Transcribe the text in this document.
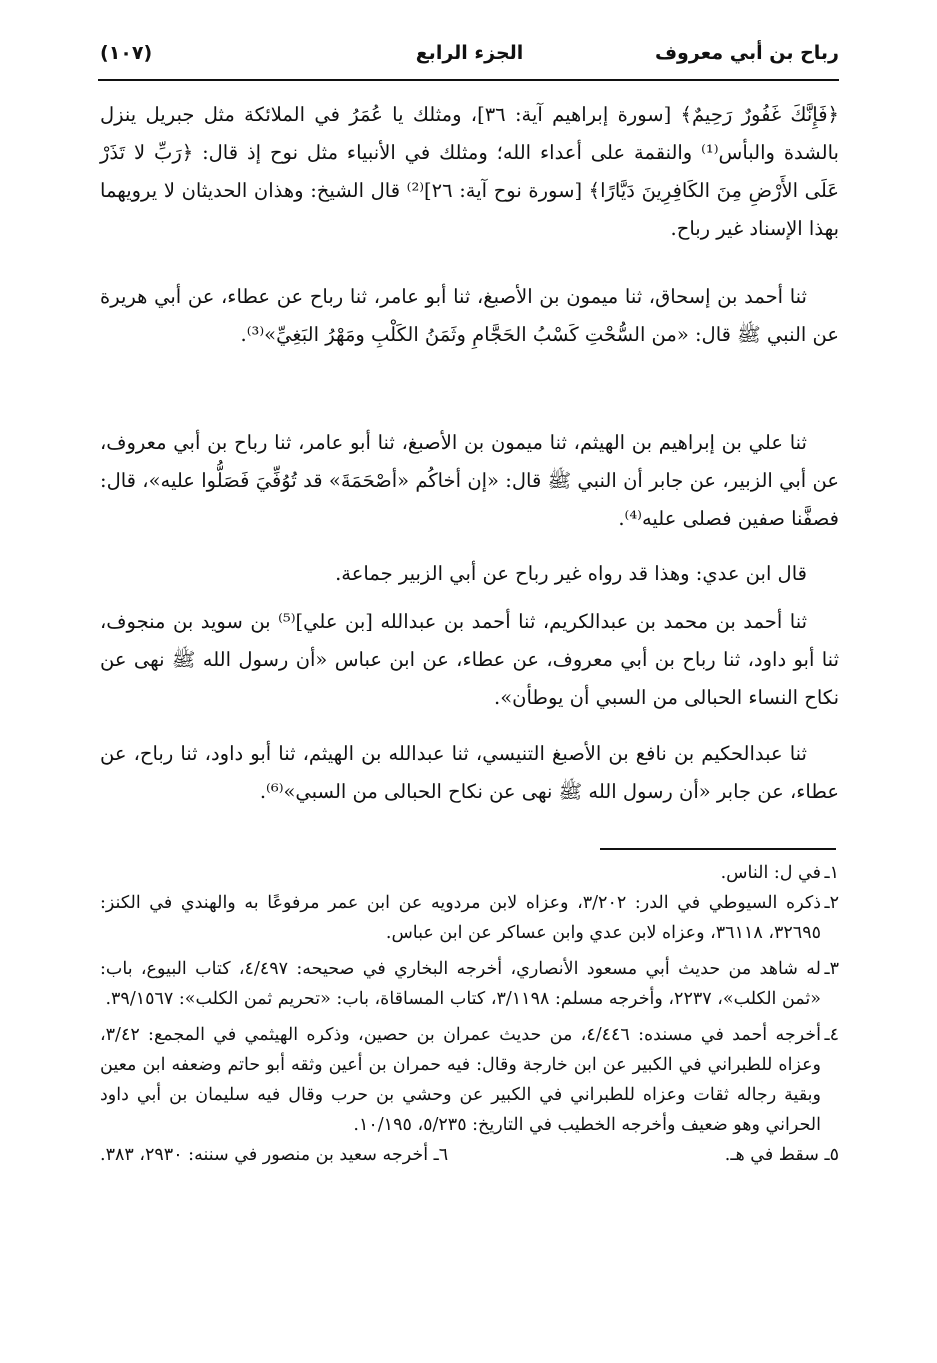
رباح بن أبي معروف
الجزء الرابع
(١٠٧)

﴿فَإِنَّكَ غَفُورٌ رَحِيمٌ﴾ [سورة إبراهيم آية: ٣٦]، ومثلك يا عُمَرُ في الملائكة مثل جبريل ينزل بالشدة والبأس⁽¹⁾ والنقمة على أعداء الله؛ ومثلك في الأنبياء مثل نوح إذ قال: ﴿رَبِّ لا تَذَرْ عَلَى الأَرْضِ مِنَ الكَافِرِينَ دَيَّارًا﴾ [سورة نوح آية: ٢٦]⁽²⁾ قال الشيخ: وهذان الحديثان لا يرويهما بهذا الإسناد غير رباح.

ثنا أحمد بن إسحاق، ثنا ميمون بن الأصبغ، ثنا أبو عامر، ثنا رباح عن عطاء، عن أبي هريرة عن النبي ﷺ قال: «من السُّحْتِ كَسْبُ الحَجَّامِ وثَمَنُ الكَلْبِ ومَهْرُ البَغِيِّ»⁽³⁾.

ثنا علي بن إبراهيم بن الهيثم، ثنا ميمون بن الأصبغ، ثنا أبو عامر، ثنا رباح بن أبي معروف، عن أبي الزبير، عن جابر أن النبي ﷺ قال: «إن أخاكُم «أصْحَمَةَ» قد تُوُفِّيَ فَصَلُّوا عليه»، قال: فصفَّنا صفين فصلى عليه⁽⁴⁾.

قال ابن عدي: وهذا قد رواه غير رباح عن أبي الزبير جماعة.

ثنا أحمد بن محمد بن عبدالكريم، ثنا أحمد بن عبدالله [بن علي]⁽⁵⁾ بن سويد بن منجوف، ثنا أبو داود، ثنا رباح بن أبي معروف، عن عطاء، عن ابن عباس «أن رسول الله ﷺ نهى عن نكاح النساء الحبالى من السبي أن يوطأن».

ثنا عبدالحكيم بن نافع بن الأصبغ التنيسي، ثنا عبدالله بن الهيثم، ثنا أبو داود، ثنا رباح، عن عطاء، عن جابر «أن رسول الله ﷺ نهى عن نكاح الحبالى من السبي»⁽⁶⁾.

١ـ
في ل: الناس.

٢ـ
ذكره السيوطي في الدر: ٣/٢٠٢، وعزاه لابن مردويه عن ابن عمر مرفوعًا به والهندي في الكنز: ٣٢٦٩٥، ٣٦١١٨، وعزاه لابن عدي وابن عساكر عن ابن عباس.

٣ـ
له شاهد من حديث أبي مسعود الأنصاري، أخرجه البخاري في صحيحه: ٤/٤٩٧، كتاب البيوع، باب: «ثمن الكلب»، ٢٢٣٧، وأخرجه مسلم: ٣/١١٩٨، كتاب المساقاة، باب: «تحريم ثمن الكلب»: ٣٩/١٥٦٧.

٤ـ
أخرجه أحمد في مسنده: ٤/٤٤٦، من حديث عمران بن حصين، وذكره الهيثمي في المجمع: ٣/٤٢، وعزاه للطبراني في الكبير عن ابن خارجة وقال: فيه حمران بن أعين وثقه أبو حاتم وضعفه ابن معين وبقية رجاله ثقات وعزاه للطبراني في الكبير عن وحشي بن حرب وقال فيه سليمان بن أبي داود الحراني وهو ضعيف وأخرجه الخطيب في التاريخ: ٥/٢٣٥، ١٠/١٩٥.

٥ـ سقط في هـ.
٦ـ أخرجه سعيد بن منصور في سننه: ٢٩٣٠، ٣٨٣.
